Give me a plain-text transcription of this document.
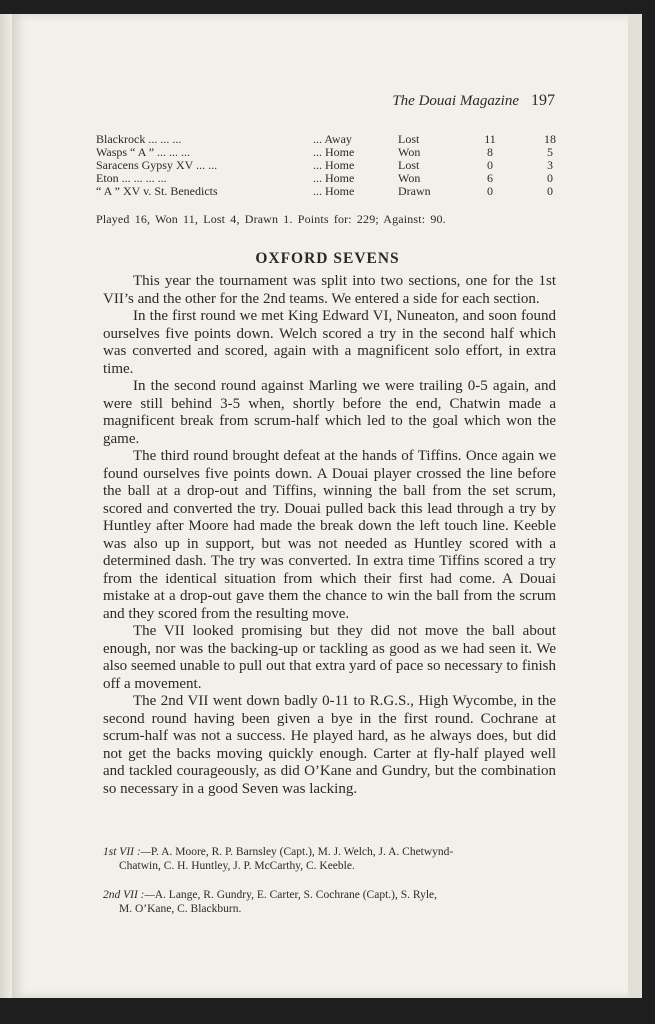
The Douai Magazine 197
Blackrock ... ... ...	... Away	Lost	11	18
Wasps “ A ” ... ... ...	... Home	Won	8	5
Saracens Gypsy XV ... ...	... Home	Lost	0	3
Eton ... ... ... ...	... Home	Won	6	0
“ A ” XV v. St. Benedicts	... Home	Drawn	0	0
Played 16, Won 11, Lost 4, Drawn 1. Points for: 229; Against: 90.
OXFORD SEVENS

This year the tournament was split into two sections, one for the 1st VII’s and the other for the 2nd teams. We entered a side for each section.

In the first round we met King Edward VI, Nuneaton, and soon found ourselves five points down. Welch scored a try in the second half which was converted and scored, again with a magnificent solo effort, in extra time.

In the second round against Marling we were trailing 0-5 again, and were still behind 3-5 when, shortly before the end, Chatwin made a magnificent break from scrum-half which led to the goal which won the game.

The third round brought defeat at the hands of Tiffins. Once again we found ourselves five points down. A Douai player crossed the line before the ball at a drop-out and Tiffins, winning the ball from the set scrum, scored and converted the try. Douai pulled back this lead through a try by Huntley after Moore had made the break down the left touch line. Keeble was also up in support, but was not needed as Huntley scored with a determined dash. The try was converted. In extra time Tiffins scored a try from the identical situation from which their first had come. A Douai mistake at a drop-out gave them the chance to win the ball from the scrum and they scored from the resulting move.

The VII looked promising but they did not move the ball about enough, nor was the backing-up or tackling as good as we had seen it. We also seemed unable to pull out that extra yard of pace so necessary to finish off a movement.

The 2nd VII went down badly 0-11 to R.G.S., High Wycombe, in the second round having been given a bye in the first round. Cochrane at scrum-half was not a success. He played hard, as he always does, but did not get the backs moving quickly enough. Carter at fly-half played well and tackled courageously, as did O’Kane and Gundry, but the combination so necessary in a good Seven was lacking.

1st VII :—P. A. Moore, R. P. Barnsley (Capt.), M. J. Welch, J. A. Chetwynd-
Chatwin, C. H. Huntley, J. P. McCarthy, C. Keeble.
2nd VII :—A. Lange, R. Gundry, E. Carter, S. Cochrane (Capt.), S. Ryle,
M. O’Kane, C. Blackburn.
